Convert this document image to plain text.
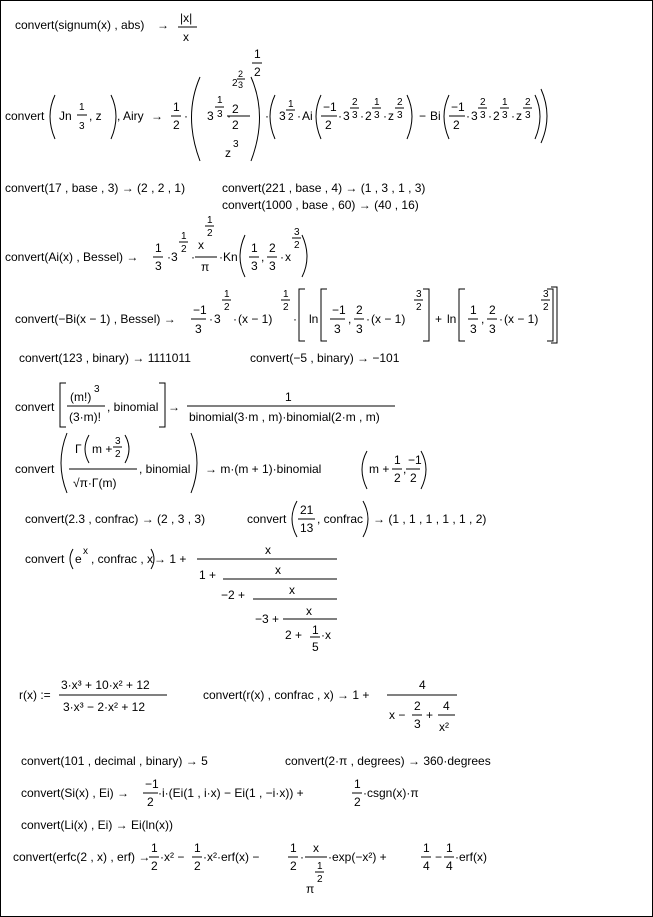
convert(signum(x) , abs) → |x|
x
convert Jn
1
3
, z , Airy →
1
2
· 3
1
3 ·
2
2
3
2
2
z
3
1
2
· 3
1
2 · Ai
−1
2
· 3
2
3 · 2
1
3 · z
2
3 − Bi
−1
2
· 3
2
3 · 2
1
3 · z
2
3
convert(17 , base , 3) → (2 , 2 , 1)	convert(221 , base , 4) → (1 , 3 , 1 , 3)
convert(1000 , base , 60) → (40 , 16)
convert(Ai(x) , Bessel) →
1
3
· 3
1
2
·
x
1
2
π
· Kn
1
3
,
2
3
· x
3
2
convert(−Bi(x − 1) , Bessel) →
−1
3
· 3
1
2
· (x − 1)
1
2
· ln
−1
3
,
2
3
· (x − 1)
3
2
+ ln
1
3
,
2
3
· (x − 1)
3
2
convert(123 , binary) → 1111011	convert(−5 , binary) → −101
convert
(m!)
3
(3·m)!
, binomial →
1
binomial(3·m , m)·binomial(2·m , m)
convert
Γ m +
3
2
√π·Γ(m)
, binomial → m·(m + 1)·binomial	m +
1
2
,
−1
2
convert(2.3 , confrac) → (2 , 3 , 3)	convert
21
13
, confrac → (1 , 1 , 1 , 1 , 1 , 2)
convert e
x
, confrac , x → 1 +
x
1 +	x
−2 +	x
−3 +
x
2 + 1
5
·x
r(x) :=
3·x³ + 10·x² + 12
3·x³ − 2·x² + 12
convert(r(x) , confrac , x) → 1 +
4
x −
2
3
+
4
x²
convert(101 , decimal , binary) → 5	convert(2·π , degrees) → 360·degrees
convert(Si(x) , Ei) →
−1
2
·i·(Ei(1 , i·x) − Ei(1 , −i·x)) +
1
2
·csgn(x)·π
convert(Li(x) , Ei) → Ei(ln(x))
convert(erfc(2 , x) , erf) →
1
2
·x² −
1
2
·x²·erf(x) −
1
2
·
x
1
2
π
·exp(−x²) +
1
4
−
1
4
·erf(x)
